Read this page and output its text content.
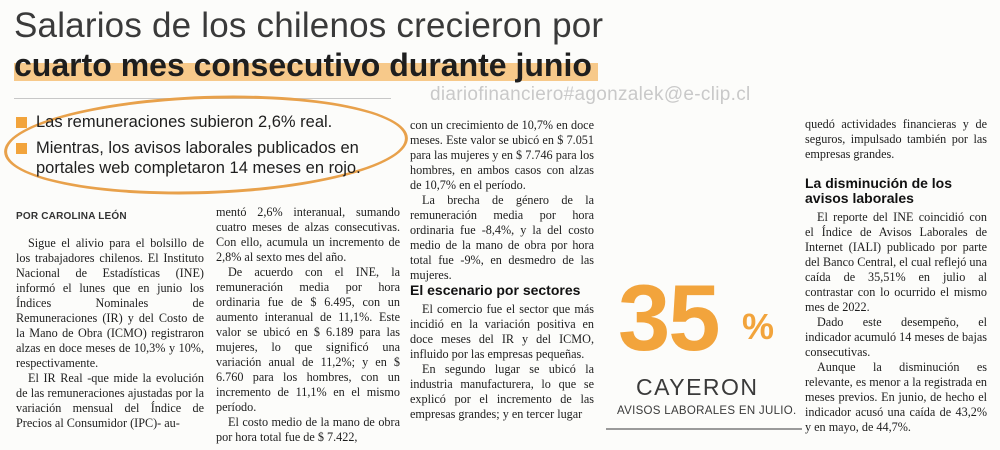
Salarios de los chilenos crecieron por
cuarto mes consecutivo durante junio
diariofinanciero#agonzalek@e-clip.cl
Las remuneraciones subieron 2,6% real.
Mientras, los avisos laborales publicados en portales web completaron 14 meses en rojo.
POR CAROLINA LEÓN

Sigue el alivio para el bolsillo de los trabajadores chilenos. El Instituto Nacional de Estadísticas (INE) informó el lunes que en junio los Índices Nominales de Remuneraciones (IR) y del Costo de la Mano de Obra (ICMO) registraron alzas en doce meses de 10,3% y 10%, respectivamente.

El IR Real -que mide la evolución de las remuneraciones ajustadas por la variación mensual del Índice de Precios al Consumidor (IPC)- au-

mentó 2,6% interanual, sumando cuatro meses de alzas consecutivas. Con ello, acumula un incremento de 2,8% al sexto mes del año.

De acuerdo con el INE, la remuneración media por hora ordinaria fue de $ 6.495, con un aumento interanual de 11,1%. Este valor se ubicó en $ 6.189 para las mujeres, lo que significó una variación anual de 11,2%; y en $ 6.760 para los hombres, con un incremento de 11,1% en el mismo período.

El costo medio de la mano de obra por hora total fue de $ 7.422,

con un crecimiento de 10,7% en doce meses. Este valor se ubicó en $ 7.051 para las mujeres y en $ 7.746 para los hombres, en ambos casos con alzas de 10,7% en el período.

La brecha de género de la remuneración media por hora ordinaria fue -8,4%, y la del costo medio de la mano de obra por hora total fue -9%, en desmedro de las mujeres.

El escenario por sectores

El comercio fue el sector que más incidió en la variación positiva en doce meses del IR y del ICMO, influido por las empresas pequeñas.

En segundo lugar se ubicó la industria manufacturera, lo que se explicó por el incremento de las empresas grandes; y en tercer lugar

35 %
CAYERON
AVISOS LABORALES EN JULIO.

quedó actividades financieras y de seguros, impulsado también por las empresas grandes.

La disminución de los avisos laborales

El reporte del INE coincidió con el Índice de Avisos Laborales de Internet (IALI) publicado por parte del Banco Central, el cual reflejó una caída de 35,51% en julio al contrastar con lo ocurrido el mismo mes de 2022.

Dado este desempeño, el indicador acumuló 14 meses de bajas consecutivas.

Aunque la disminución es relevante, es menor a la registrada en meses previos. En junio, de hecho el indicador acusó una caída de 43,2% y en mayo, de 44,7%.
